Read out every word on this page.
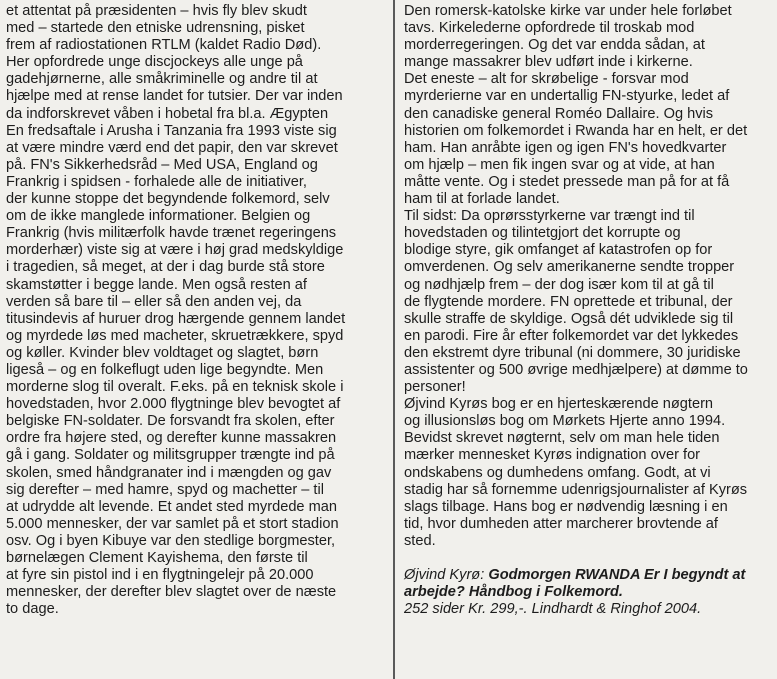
et attentat på præsidenten – hvis fly blev skudt
med – startede den etniske udrensning, pisket
frem af radiostationen RTLM (kaldet Radio Død).
Her opfordrede unge discjockeys alle unge på
gadehjørnerne, alle småkriminelle og andre til at
hjælpe med at rense landet for tutsier. Der var inden
da indforskrevet våben i hobetal fra bl.a. Ægypten
En fredsaftale i Arusha i Tanzania fra 1993 viste sig
at være mindre værd end det papir, den var skrevet
på. FN's Sikkerhedsråd – Med USA, England og
Frankrig i spidsen - forhalede alle de initiativer,
der kunne stoppe det begyndende folkemord, selv
om de ikke manglede informationer. Belgien og
Frankrig (hvis militærfolk havde trænet regeringens
morderhær) viste sig at være i høj grad medskyldige
i tragedien, så meget, at der i dag burde stå store
skamstøtter i begge lande. Men også resten af
verden så bare til – eller så den anden vej, da
titusindevis af huruer drog hærgende gennem landet
og myrdede løs med macheter, skruetrækkere, spyd
og køller. Kvinder blev voldtaget og slagtet, børn
ligeså – og en folkeflugt uden lige begyndte. Men
morderne slog til overalt. F.eks. på en teknisk skole i
hovedstaden, hvor 2.000 flygtninge blev bevogtet af
belgiske FN-soldater. De forsvandt fra skolen, efter
ordre fra højere sted, og derefter kunne massakren
gå i gang. Soldater og militsgrupper trængte ind på
skolen, smed håndgranater ind i mængden og gav
sig derefter – med hamre, spyd og machetter – til
at udrydde alt levende. Et andet sted myrdede man
5.000 mennesker, der var samlet på et stort stadion
osv. Og i byen Kibuye var den stedlige borgmester,
børnelægen Clement Kayishema, den første til
at fyre sin pistol ind i en flygtningelejr på 20.000
mennesker, der derefter blev slagtet over de næste
to dage.
Den romersk-katolske kirke var under hele forløbet
tavs. Kirkelederne opfordrede til troskab mod
morderregeringen. Og det var endda sådan, at
mange massakrer blev udført inde i kirkerne.
Det eneste – alt for skrøbelige - forsvar mod
myrderierne var en undertallig FN-styurke, ledet af
den canadiske general Roméo Dallaire. Og hvis
historien om folkemordet i Rwanda har en helt, er det
ham. Han anråbte igen og igen FN's hovedkvarter
om hjælp – men fik ingen svar og at vide, at han
måtte vente. Og i stedet pressede man på for at få
ham til at forlade landet.
Til sidst: Da oprørsstyrkerne var trængt ind til
hovedstaden og tilintetgjort det korrupte og
blodige styre, gik omfanget af katastrofen op for
omverdenen. Og selv amerikanerne sendte tropper
og nødhjælp frem – der dog især kom til at gå til
de flygtende mordere. FN oprettede et tribunal, der
skulle straffe de skyldige. Også dét udviklede sig til
en parodi. Fire år efter folkemordet var det lykkedes
den ekstremt dyre tribunal (ni dommere, 30 juridiske
assistenter og 500 øvrige medhjælpere) at dømme to
personer!
Øjvind Kyrøs bog er en hjerteskærende nøgtern
og illusionsløs bog om Mørkets Hjerte anno 1994.
Bevidst skrevet nøgternt, selv om man hele tiden
mærker mennesket Kyrøs indignation over for
ondskabens og dumhedens omfang. Godt, at vi
stadig har så fornemme udenrigsjournalister af Kyrøs
slags tilbage. Hans bog er nødvendig læsning i en
tid, hvor dumheden atter marcherer brovtende af
sted.
Øjvind Kyrø: Godmorgen RWANDA Er I begyndt at
arbejde? Håndbog i Folkemord.
252 sider Kr. 299,-. Lindhardt & Ringhof 2004.
